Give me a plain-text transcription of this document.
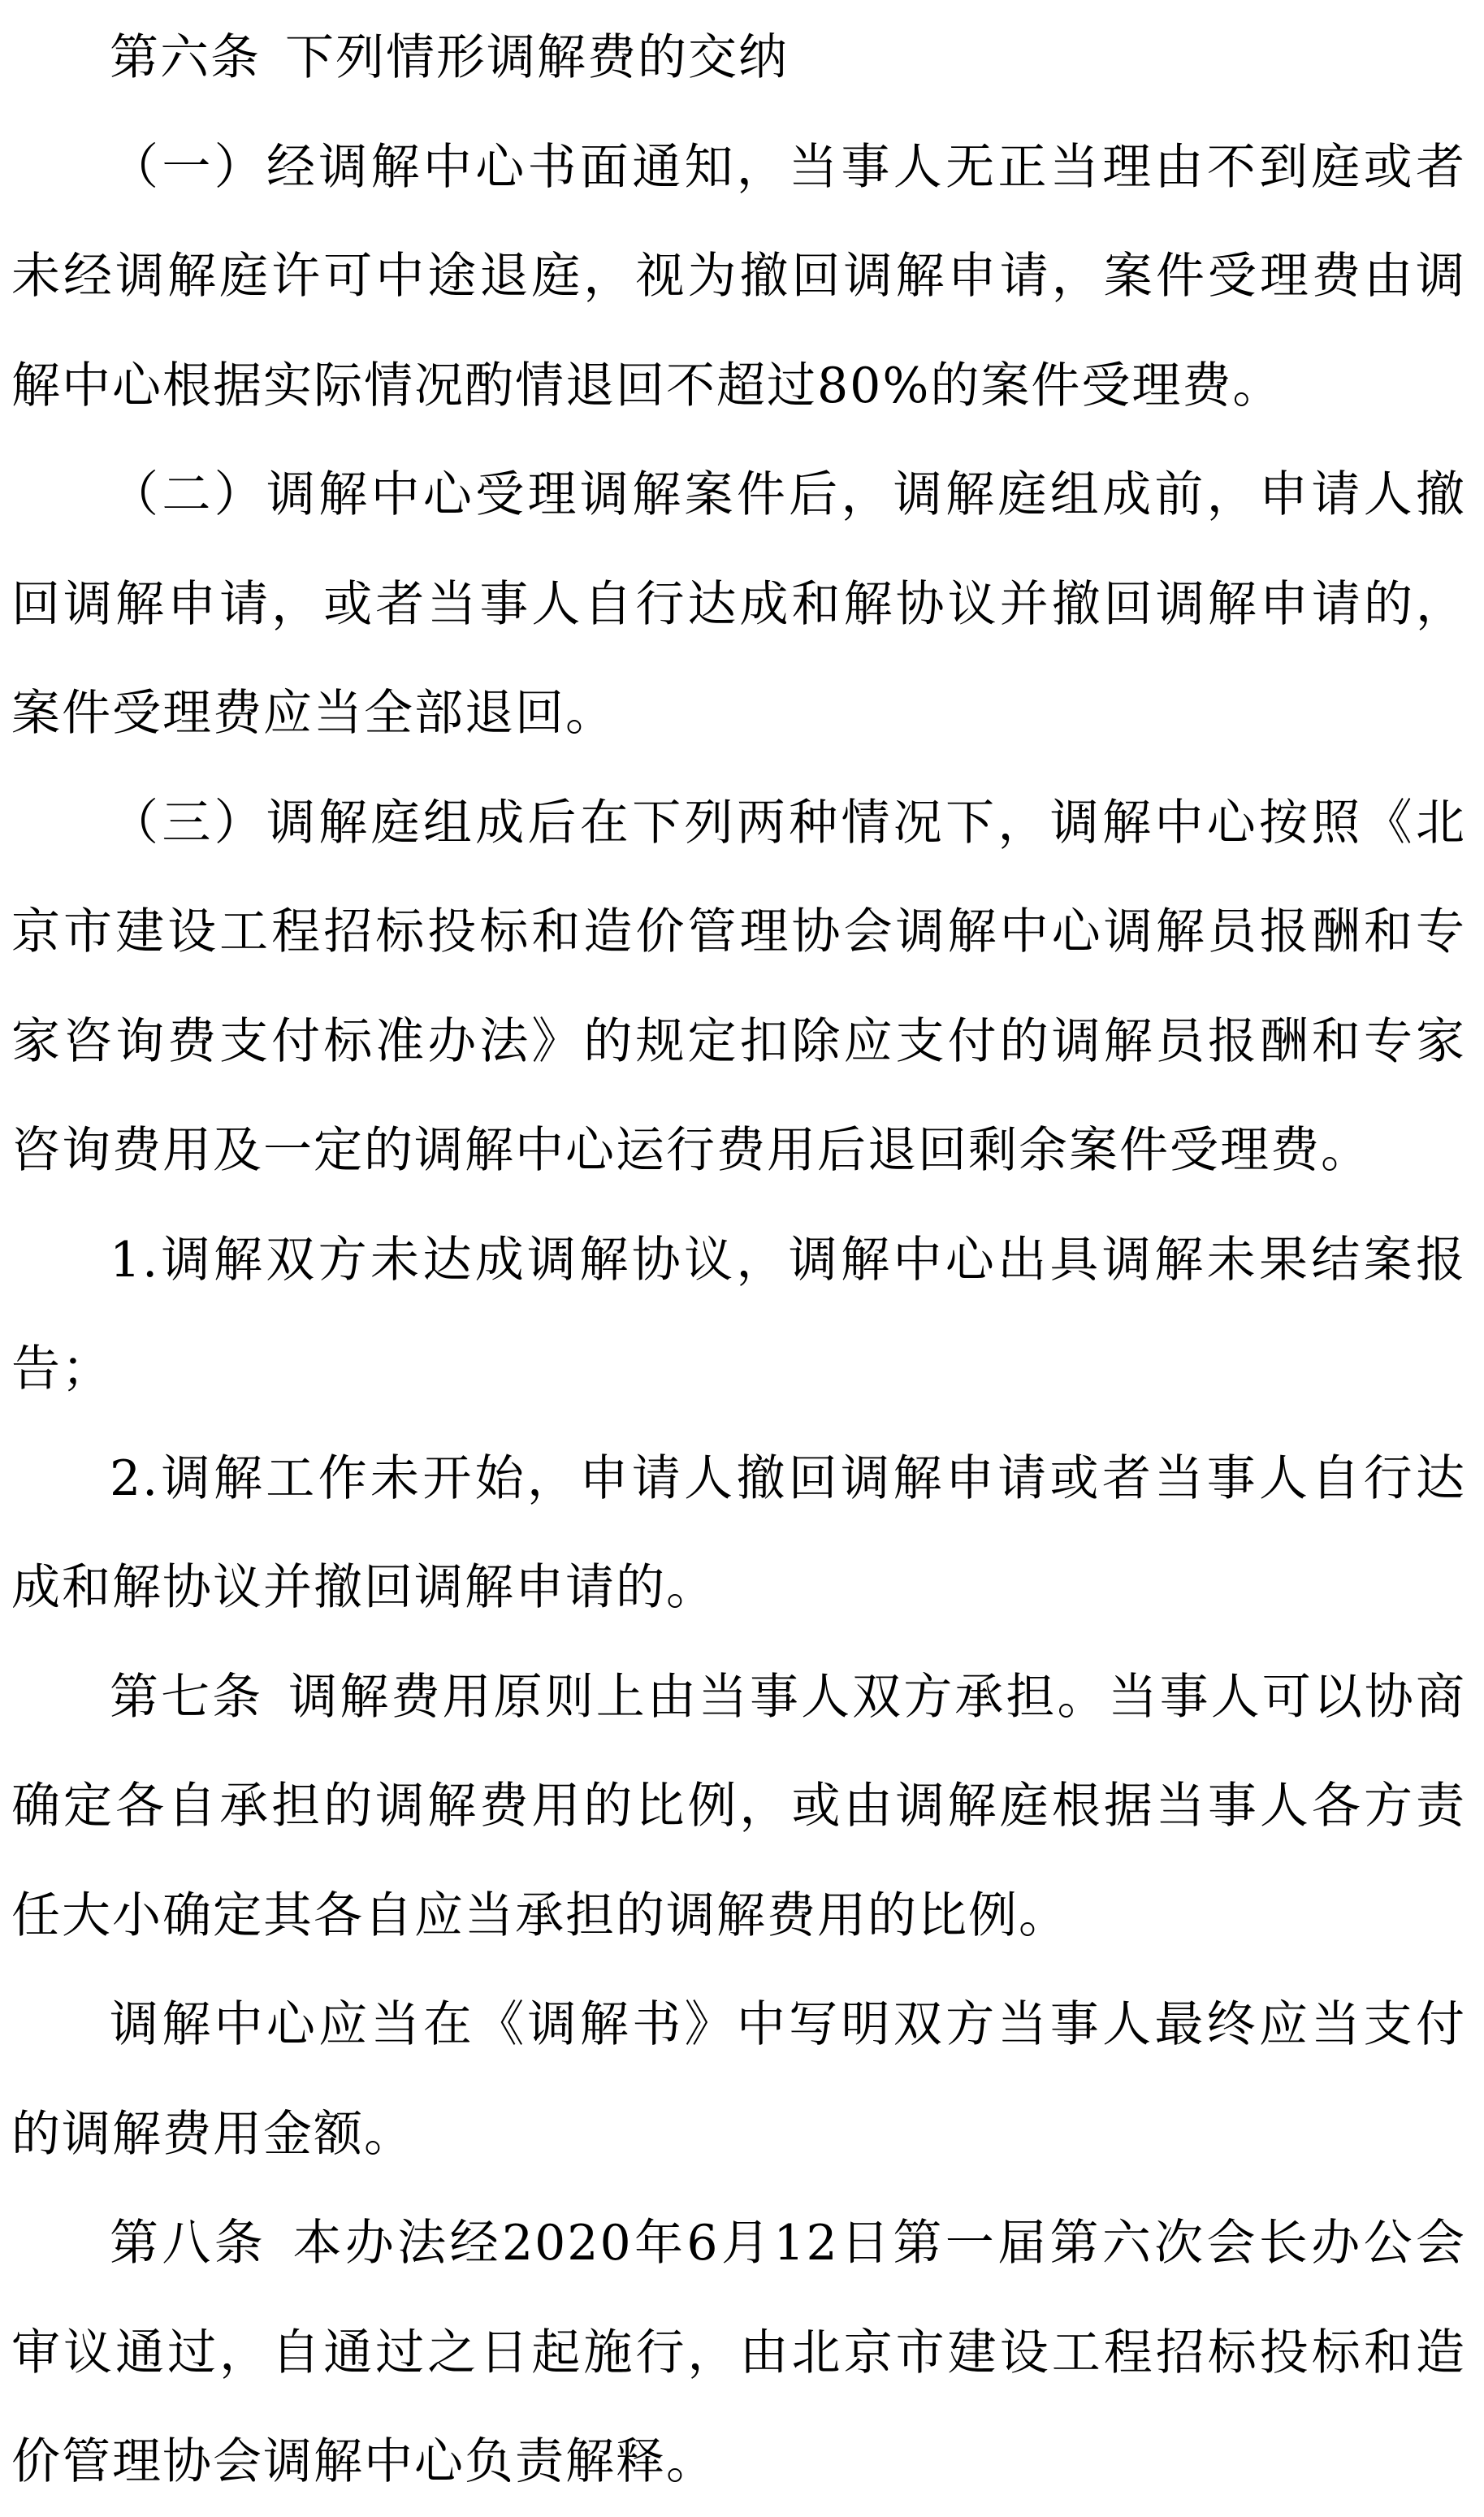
第六条 下列情形调解费的交纳

（一）经调解中心书面通知，当事人无正当理由不到庭或者未经调解庭许可中途退庭，视为撤回调解申请，案件受理费由调解中心根据实际情况酌情退回不超过80%的案件受理费。

（二）调解中心受理调解案件后，调解庭组成前，申请人撤回调解申请，或者当事人自行达成和解协议并撤回调解申请的，案件受理费应当全部退回。

（三）调解庭组成后在下列两种情况下，调解中心按照《北京市建设工程招标投标和造价管理协会调解中心调解员报酬和专家咨询费支付标准办法》的规定扣除应支付的调解员报酬和专家咨询费用及一定的调解中心运行费用后退回剩余案件受理费。

1.调解双方未达成调解协议，调解中心出具调解未果结案报告；

2.调解工作未开始，申请人撤回调解申请或者当事人自行达成和解协议并撤回调解申请的。

第七条 调解费用原则上由当事人双方承担。当事人可以协商确定各自承担的调解费用的比例，或由调解庭根据当事人各方责任大小确定其各自应当承担的调解费用的比例。

调解中心应当在《调解书》中写明双方当事人最终应当支付的调解费用金额。

第八条 本办法经2020年6月12日第一届第六次会长办公会审议通过，自通过之日起施行，由北京市建设工程招标投标和造价管理协会调解中心负责解释。
